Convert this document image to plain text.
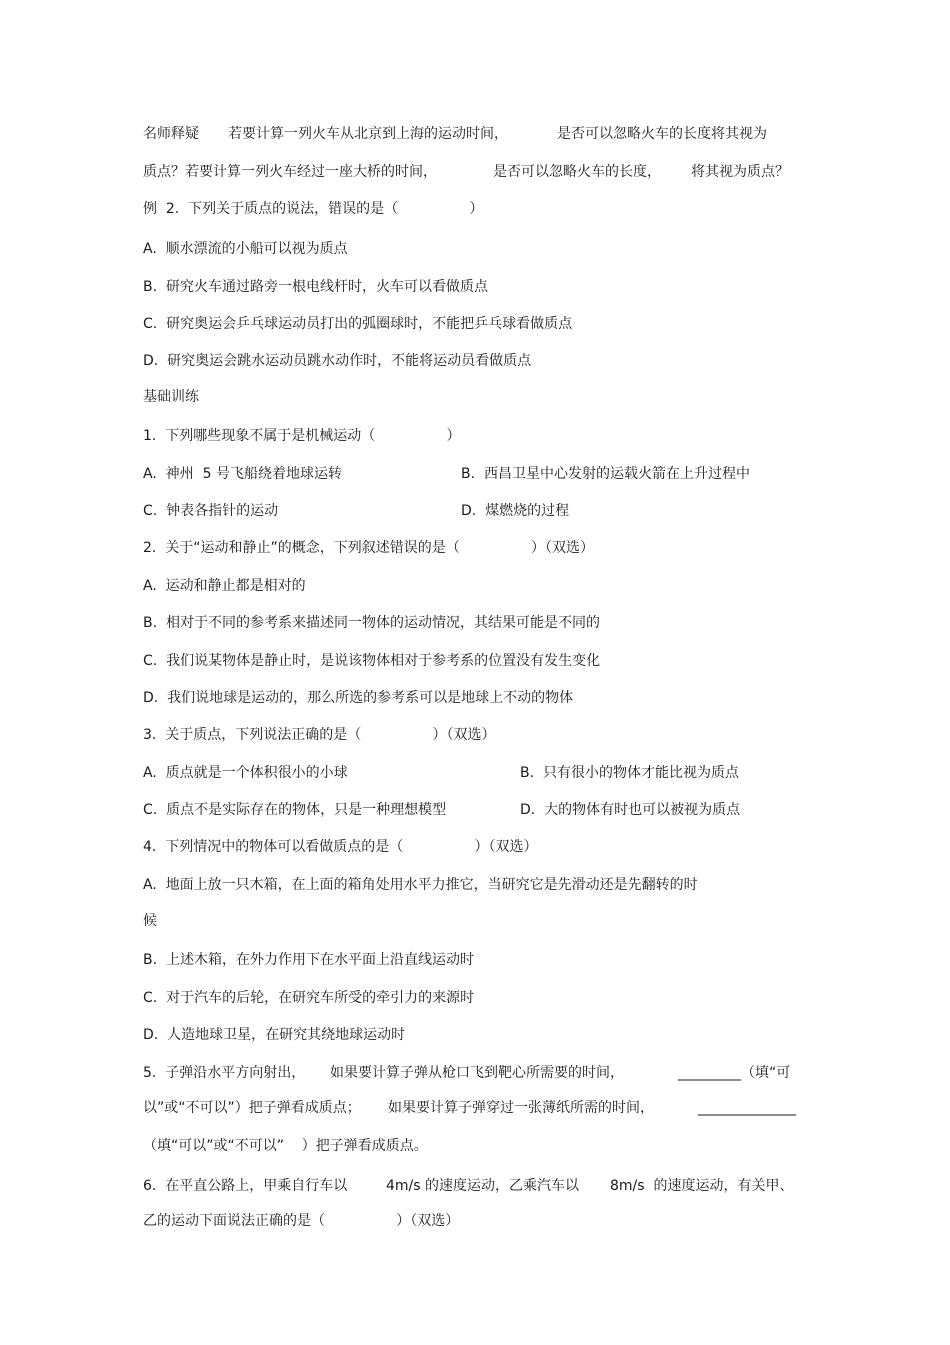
名师释疑 若要计算一列火车从北京到上海的运动时间，	是否可以忽略火车的长度将其视为
质点？若要计算一列火车经过一座大桥的时间，	是否可以忽略火车的长度， 将其视为质点？
例  2.  下列关于质点的说法，错误的是（                ）
A.  顺水漂流的小船可以视为质点
B.  研究火车通过路旁一根电线杆时，火车可以看做质点
C.  研究奥运会乒乓球运动员打出的弧圈球时，不能把乒乓球看做质点
D.  研究奥运会跳水运动员跳水动作时，不能将运动员看做质点
基础训练
1.  下列哪些现象不属于是机械运动（                ）
A.  神州  5 号飞船绕着地球运转	B.  西昌卫星中心发射的运载火箭在上升过程中
C.  钟表各指针的运动	D.  煤燃烧的过程
2.  关于“运动和静止”的概念，下列叙述错误的是（                ）（双选）
A.  运动和静止都是相对的
B.  相对于不同的参考系来描述同一物体的运动情况，其结果可能是不同的
C.  我们说某物体是静止时，是说该物体相对于参考系的位置没有发生变化
D.  我们说地球是运动的，那么所选的参考系可以是地球上不动的物体
3.  关于质点，下列说法正确的是（                ）（双选）
A.  质点就是一个体积很小的小球	B.  只有很小的物体才能比视为质点
C.  质点不是实际存在的物体，只是一种理想模型	D.  大的物体有时也可以被视为质点
4.  下列情况中的物体可以看做质点的是（                ）（双选）
A.  地面上放一只木箱，在上面的箱角处用水平力推它，当研究它是先滑动还是先翻转的时
候
B.  上述木箱，在外力作用下在水平面上沿直线运动时
C.  对于汽车的后轮，在研究车所受的牵引力的来源时
D.  人造地球卫星，在研究其绕地球运动时
5.  子弹沿水平方向射出， 如果要计算子弹从枪口飞到靶心所需要的时间，	_________（填“可
以”或“不可以”）把子弹看成质点； 如果要计算子弹穿过一张薄纸所需的时间，	______________
（填“可以”或“不可以”    ）把子弹看成质点。
6.  在平直公路上，甲乘自行车以	4m/s 的速度运动，乙乘汽车以 8m/s  的速度运动，有关甲、
乙的运动下面说法正确的是（                ）（双选）
